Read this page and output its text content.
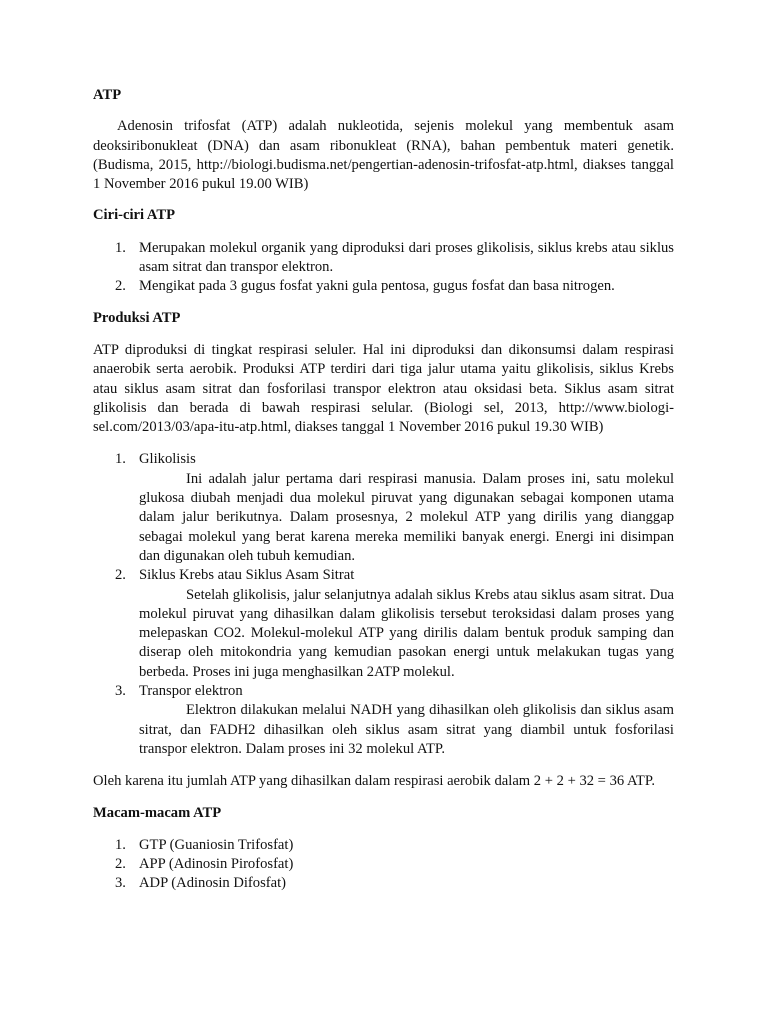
ATP

Adenosin trifosfat (ATP) adalah nukleotida, sejenis molekul yang membentuk asam deoksiribonukleat (DNA) dan asam ribonukleat (RNA), bahan pembentuk materi genetik. (Budisma, 2015, http://biologi.budisma.net/pengertian-adenosin-trifosfat-atp.html, diakses tanggal 1 November 2016 pukul 19.00 WIB)

Ciri-ciri ATP
1. Merupakan molekul organik yang diproduksi dari proses glikolisis, siklus krebs atau siklus asam sitrat dan transpor elektron.
2. Mengikat pada 3 gugus fosfat yakni gula pentosa, gugus fosfat dan basa nitrogen.
Produksi ATP

ATP diproduksi di tingkat respirasi seluler. Hal ini diproduksi dan dikonsumsi dalam respirasi anaerobik serta aerobik. Produksi ATP terdiri dari tiga jalur utama yaitu glikolisis, siklus Krebs atau siklus asam sitrat dan fosforilasi transpor elektron atau oksidasi beta. Siklus asam sitrat glikolisis dan berada di bawah respirasi selular. (Biologi sel, 2013, http://www.biologi-sel.com/2013/03/apa-itu-atp.html, diakses tanggal 1 November 2016 pukul 19.30 WIB)

1. Glikolisis
Ini adalah jalur pertama dari respirasi manusia. Dalam proses ini, satu molekul glukosa diubah menjadi dua molekul piruvat yang digunakan sebagai komponen utama dalam jalur berikutnya. Dalam prosesnya, 2 molekul ATP yang dirilis yang dianggap sebagai molekul yang berat karena mereka memiliki banyak energi. Energi ini disimpan dan digunakan oleh tubuh kemudian.
2. Siklus Krebs atau Siklus Asam Sitrat
Setelah glikolisis, jalur selanjutnya adalah siklus Krebs atau siklus asam sitrat. Dua molekul piruvat yang dihasilkan dalam glikolisis tersebut teroksidasi dalam proses yang melepaskan CO2. Molekul-molekul ATP yang dirilis dalam bentuk produk samping dan diserap oleh mitokondria yang kemudian pasokan energi untuk melakukan tugas yang berbeda. Proses ini juga menghasilkan 2ATP molekul.
3. Transpor elektron
Elektron dilakukan melalui NADH yang dihasilkan oleh glikolisis dan siklus asam sitrat, dan FADH2 dihasilkan oleh siklus asam sitrat yang diambil untuk fosforilasi transpor elektron. Dalam proses ini 32 molekul ATP.

Oleh karena itu jumlah ATP yang dihasilkan dalam respirasi aerobik dalam 2 + 2 + 32 = 36 ATP.

Macam-macam ATP
1. GTP (Guaniosin Trifosfat)
2. APP (Adinosin Pirofosfat)
3. ADP (Adinosin Difosfat)
